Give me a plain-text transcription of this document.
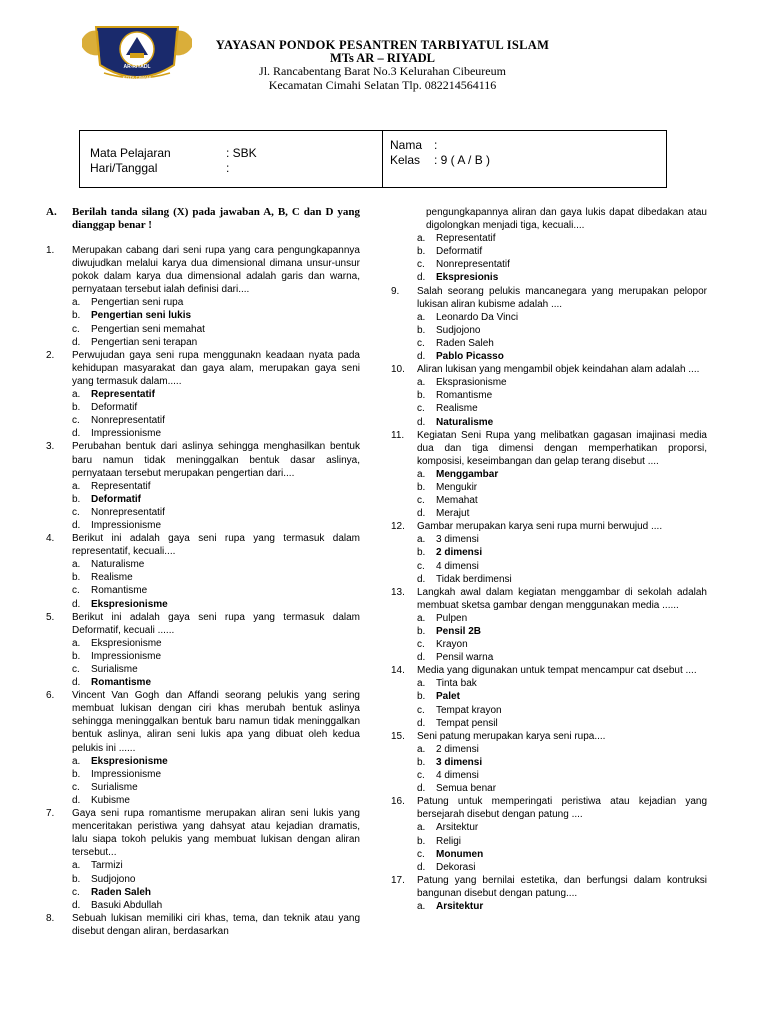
AR-RIYADL
KOTA CIMAHI
YAYASAN PONDOK PESANTREN TARBIYATUL ISLAM
MTs AR – RIYADL
Jl. Rancabentang Barat No.3 Kelurahan Cibeureum
Kecamatan Cimahi Selatan Tlp. 082214564116
Mata Pelajaran	: SBK
Hari/Tanggal	:
Nama :
Kelas : 9 ( A / B )
A.	Berilah tanda silang (X) pada jawaban A, B, C dan D yang dianggap benar !
1.	Merupakan cabang dari seni rupa yang cara pengungkapannya diwujudkan melalui karya dua dimensional dimana unsur-unsur pokok dalam karya dua dimensional adalah garis dan warna, pernyataan tersebut ialah definisi dari....
a.	Pengertian seni rupa
b.	Pengertian seni lukis
c.	Pengertian seni memahat
d.	Pengertian seni terapan
2.	Perwujudan gaya seni rupa menggunakn keadaan nyata pada kehidupan masyarakat dan gaya alam, merupakan gaya seni yang termasuk dalam.....
a.	Representatif
b.	Deformatif
c.	Nonrepresentatif
d.	Impressionisme
3.	Perubahan bentuk dari aslinya sehingga menghasilkan bentuk baru namun tidak meninggalkan bentuk dasar aslinya, pernyataan tersebut merupakan pengertian dari....
a.	Representatif
b.	Deformatif
c.	Nonrepresentatif
d.	Impressionisme
4.	Berikut ini adalah gaya seni rupa yang termasuk dalam representatif, kecuali....
a.	Naturalisme
b.	Realisme
c.	Romantisme
d.	Ekspresionisme
5.	Berikut ini adalah gaya seni rupa yang termasuk dalam Deformatif, kecuali ......
a.	Ekspresionisme
b.	Impressionisme
c.	Surialisme
d.	Romantisme
6.	Vincent Van Gogh dan Affandi seorang pelukis yang sering membuat lukisan dengan ciri khas merubah bentuk aslinya sehingga meninggalkan bentuk baru namun tidak meninggalkan bentuk aslinya, aliran seni lukis apa yang dibuat oleh kedua pelukis ini ......
a.	Ekspresionisme
b.	Impressionisme
c.	Surialisme
d.	Kubisme
7.	Gaya seni rupa romantisme merupakan aliran seni lukis yang menceritakan peristiwa yang dahsyat atau kejadian dramatis, lalu siapa tokoh pelukis yang membuat lukisan dengan aliran tersebut...
a.	Tarmizi
b.	Sudjojono
c.	Raden Saleh
d.	Basuki Abdullah
8.	Sebuah lukisan memiliki ciri khas, tema, dan teknik atau yang disebut dengan aliran, berdasarkan
pengungkapannya aliran dan gaya lukis dapat dibedakan atau digolongkan menjadi tiga, kecuali....
a.	Representatif
b.	Deformatif
c.	Nonrepresentatif
d.	Ekspresionis
9.	Salah seorang pelukis mancanegara yang merupakan pelopor lukisan aliran kubisme adalah ....
a.	Leonardo Da Vinci
b.	Sudjojono
c.	Raden Saleh
d.	Pablo Picasso
10.	Aliran lukisan yang mengambil objek keindahan alam adalah ....
a.	Eksprasionisme
b.	Romantisme
c.	Realisme
d.	Naturalisme
11.	Kegiatan Seni Rupa yang melibatkan gagasan imajinasi media dua dan tiga dimensi dengan memperhatikan proporsi, komposisi, keseimbangan dan gelap terang disebut ....
a.	Menggambar
b.	Mengukir
c.	Memahat
d.	Merajut
12.	Gambar merupakan karya seni rupa murni berwujud ....
a.	3 dimensi
b.	2 dimensi
c.	4 dimensi
d.	Tidak berdimensi
13.	Langkah awal dalam kegiatan menggambar di sekolah adalah membuat sketsa gambar dengan menggunakan media ......
a.	Pulpen
b.	Pensil 2B
c.	Krayon
d.	Pensil warna
14.	Media yang digunakan untuk tempat mencampur cat dsebut ....
a.	Tinta bak
b.	Palet
c.	Tempat krayon
d.	Tempat pensil
15.	Seni patung merupakan karya seni rupa....
a.	2 dimensi
b.	3 dimensi
c.	4 dimensi
d.	Semua benar
16.	Patung untuk memperingati peristiwa atau kejadian yang bersejarah disebut dengan patung ....
a.	Arsitektur
b.	Religi
c.	Monumen
d.	Dekorasi
17.	Patung yang bernilai estetika, dan berfungsi dalam kontruksi bangunan disebut dengan patung....
a.	Arsitektur
